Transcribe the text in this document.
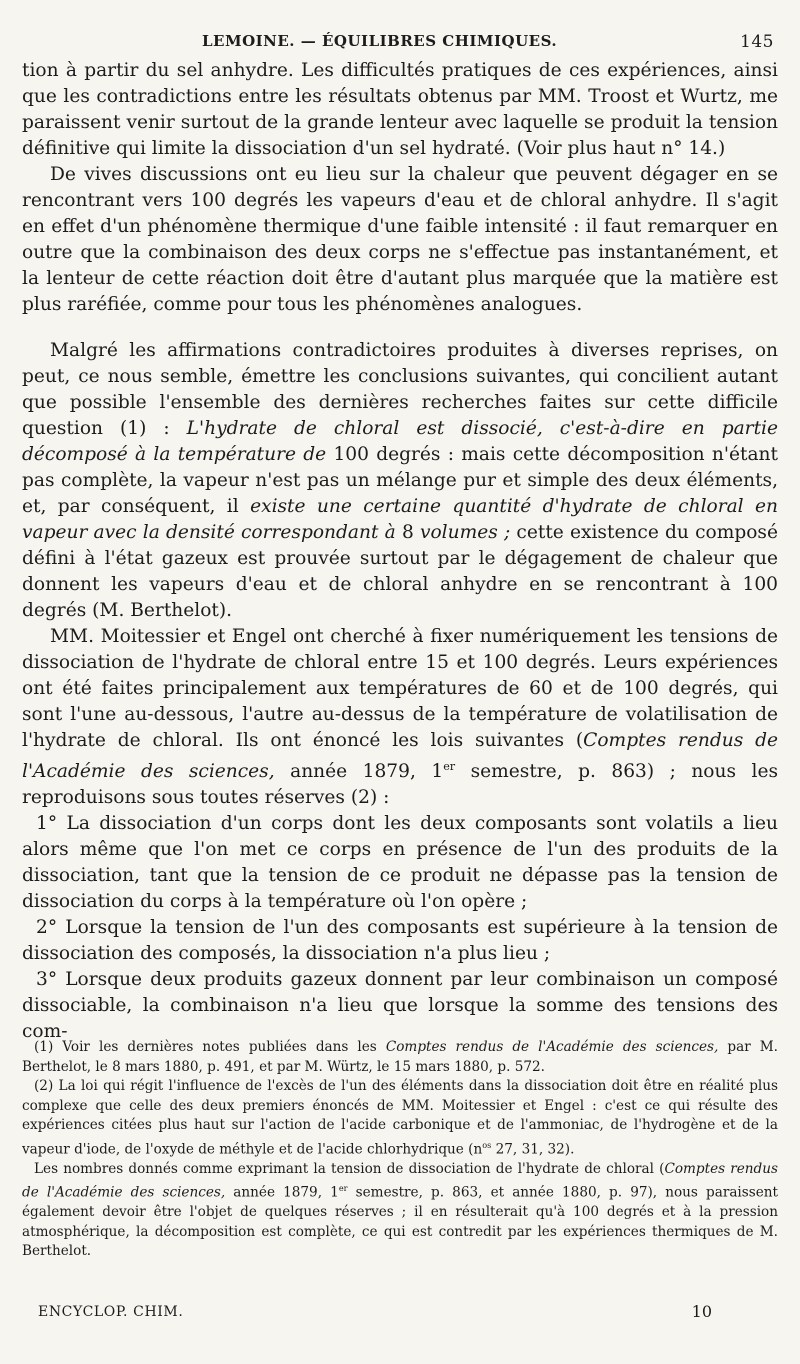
LEMOINE. — ÉQUILIBRES CHIMIQUES.	145

tion à partir du sel anhydre. Les difficultés pratiques de ces expériences, ainsi que les contradictions entre les résultats obtenus par MM. Troost et Wurtz, me paraissent venir surtout de la grande lenteur avec laquelle se produit la tension définitive qui limite la dissociation d'un sel hydraté. (Voir plus haut n° 14.)

De vives discussions ont eu lieu sur la chaleur que peuvent dégager en se rencontrant vers 100 degrés les vapeurs d'eau et de chloral anhydre. Il s'agit en effet d'un phénomène thermique d'une faible intensité : il faut remarquer en outre que la combinaison des deux corps ne s'effectue pas instantanément, et la lenteur de cette réaction doit être d'autant plus marquée que la matière est plus raréfiée, comme pour tous les phénomènes analogues.

Malgré les affirmations contradictoires produites à diverses reprises, on peut, ce nous semble, émettre les conclusions suivantes, qui concilient autant que possible l'ensemble des dernières recherches faites sur cette difficile question (1) : L'hydrate de chloral est dissocié, c'est-à-dire en partie décomposé à la température de 100 degrés : mais cette décomposition n'étant pas complète, la vapeur n'est pas un mélange pur et simple des deux éléments, et, par conséquent, il existe une certaine quantité d'hydrate de chloral en vapeur avec la densité correspondant à 8 volumes ; cette existence du composé défini à l'état gazeux est prouvée surtout par le dégagement de chaleur que donnent les vapeurs d'eau et de chloral anhydre en se rencontrant à 100 degrés (M. Berthelot).

MM. Moitessier et Engel ont cherché à fixer numériquement les tensions de dissociation de l'hydrate de chloral entre 15 et 100 degrés. Leurs expériences ont été faites principalement aux températures de 60 et de 100 degrés, qui sont l'une au-dessous, l'autre au-dessus de la température de volatilisation de l'hydrate de chloral. Ils ont énoncé les lois suivantes (Comptes rendus de l'Académie des sciences, année 1879, 1er semestre, p. 863) ; nous les reproduisons sous toutes réserves (2) :

1° La dissociation d'un corps dont les deux composants sont volatils a lieu alors même que l'on met ce corps en présence de l'un des produits de la dissociation, tant que la tension de ce produit ne dépasse pas la tension de dissociation du corps à la température où l'on opère ;

2° Lorsque la tension de l'un des composants est supérieure à la tension de dissociation des composés, la dissociation n'a plus lieu ;

3° Lorsque deux produits gazeux donnent par leur combinaison un composé dissociable, la combinaison n'a lieu que lorsque la somme des tensions des com-

(1) Voir les dernières notes publiées dans les Comptes rendus de l'Académie des sciences, par M. Berthelot, le 8 mars 1880, p. 491, et par M. Würtz, le 15 mars 1880, p. 572.

(2) La loi qui régit l'influence de l'excès de l'un des éléments dans la dissociation doit être en réalité plus complexe que celle des deux premiers énoncés de MM. Moitessier et Engel : c'est ce qui résulte des expériences citées plus haut sur l'action de l'acide carbonique et de l'ammoniac, de l'hydrogène et de la vapeur d'iode, de l'oxyde de méthyle et de l'acide chlorhydrique ($n^{os}$ 27, 31, 32).

Les nombres donnés comme exprimant la tension de dissociation de l'hydrate de chloral (Comptes rendus de l'Académie des sciences, année 1879, 1er semestre, p. 863, et année 1880, p. 97), nous paraissent également devoir être l'objet de quelques réserves ; il en résulterait qu'à 100 degrés et à la pression atmosphérique, la décomposition est complète, ce qui est contredit par les expériences thermiques de M. Berthelot.

ENCYCLOP. CHIM.	10
